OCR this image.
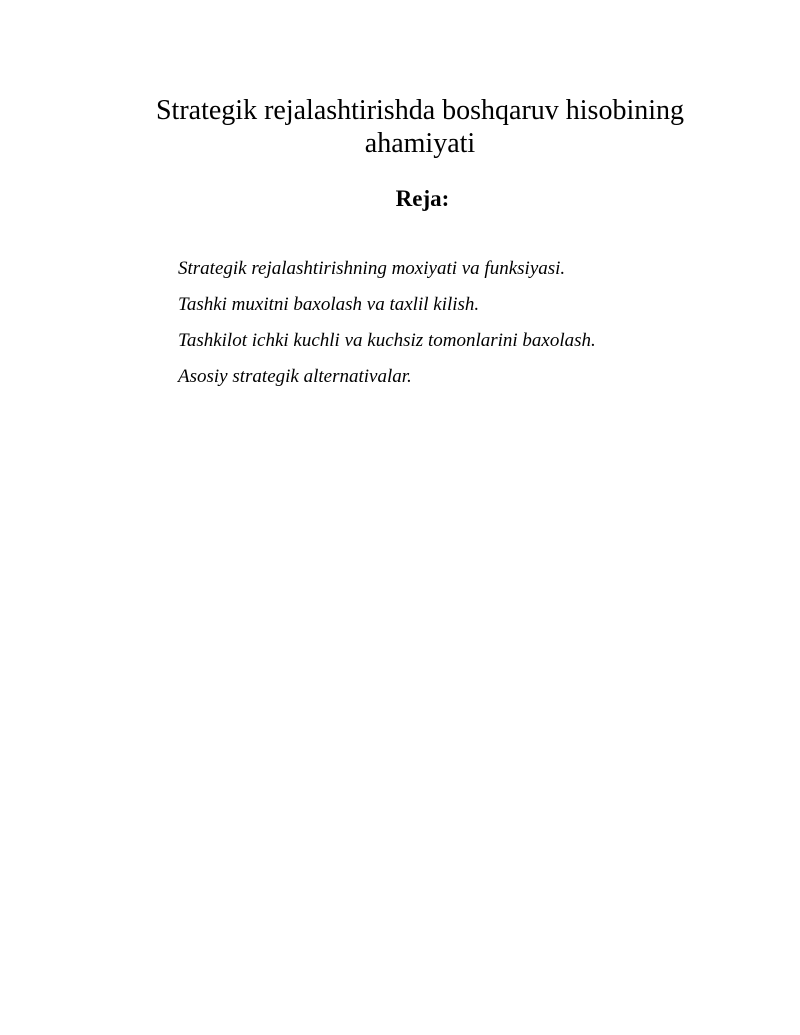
Strategik rejalashtirishda boshqaruv hisobining
ahamiyati
Reja:
Strategik rejalashtirishning moxiyati va funksiyasi.
Tashki muxitni baxolash va taxlil kilish.
Tashkilot ichki kuchli va kuchsiz tomonlarini baxolash.
Asosiy strategik alternativalar.
